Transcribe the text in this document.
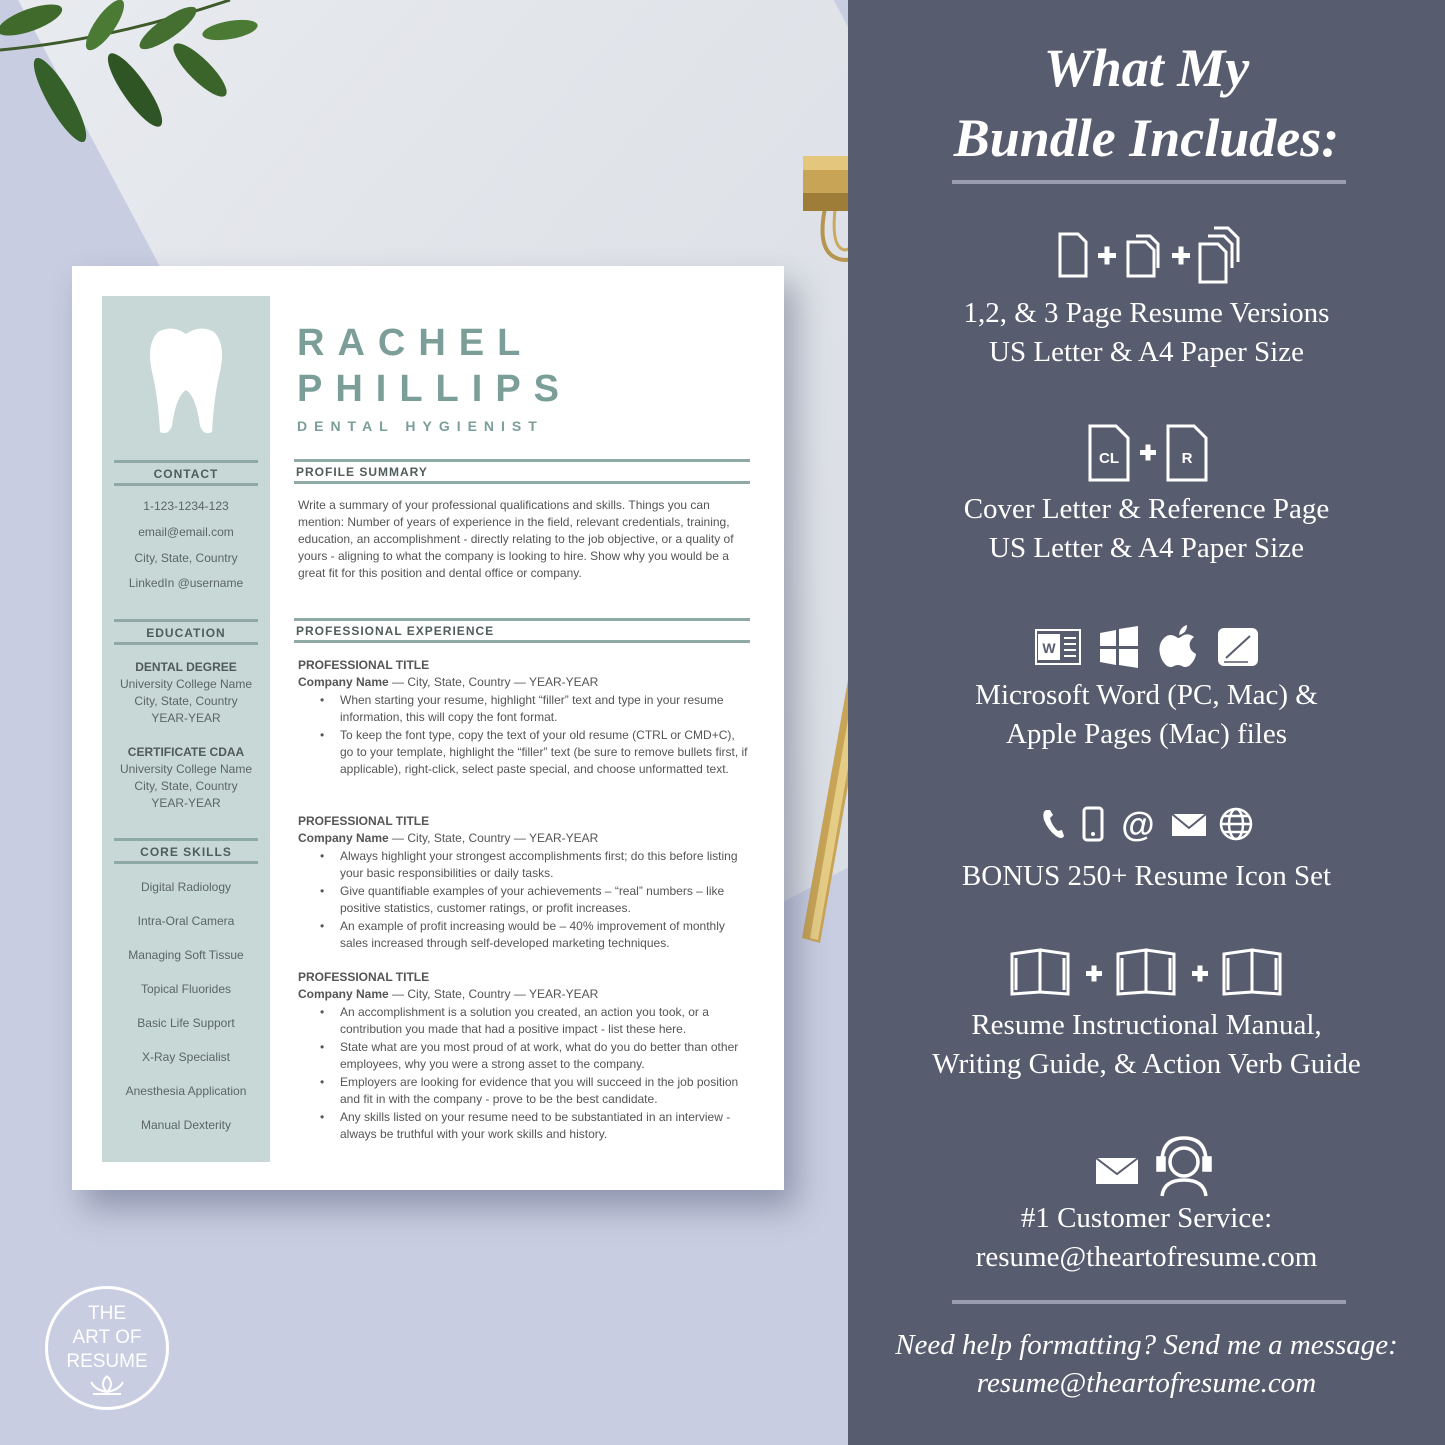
THE
ART OF
RESUME
CONTACT
1-123-1234-123
email@email.com
City, State, Country
LinkedIn @username
EDUCATION
DENTAL DEGREE
University College Name
City, State, Country
YEAR-YEAR
CERTIFICATE CDAA
University College Name
City, State, Country
YEAR-YEAR
CORE SKILLS
Digital Radiology
Intra-Oral Camera
Managing Soft Tissue
Topical Fluorides
Basic Life Support
X-Ray Specialist
Anesthesia Application
Manual Dexterity
RACHEL
PHILLIPS
DENTAL HYGIENIST
PROFILE SUMMARY
Write a summary of your professional qualifications and skills. Things you can mention: Number of years of experience in the field, relevant credentials, training, education, an accomplishment - directly relating to the job objective, or a quality of yours - aligning to what the company is looking to hire. Show why you would be a great fit for this position and dental office or company.
PROFESSIONAL EXPERIENCE
PROFESSIONAL TITLE
Company Name — City, State, Country — YEAR-YEAR
• When starting your resume, highlight “filler” text and type in your resume information, this will copy the font format.
• To keep the font type, copy the text of your old resume (CTRL or CMD+C), go to your template, highlight the “filler” text (be sure to remove bullets first, if applicable), right-click, select paste special, and choose unformatted text.
PROFESSIONAL TITLE
Company Name — City, State, Country — YEAR-YEAR
• Always highlight your strongest accomplishments first; do this before listing your basic responsibilities or daily tasks.
• Give quantifiable examples of your achievements – “real” numbers – like positive statistics, customer ratings, or profit increases.
• An example of profit increasing would be – 40% improvement of monthly sales increased through self-developed marketing techniques.
PROFESSIONAL TITLE
Company Name — City, State, Country — YEAR-YEAR
• An accomplishment is a solution you created, an action you took, or a contribution you made that had a positive impact - list these here.
• State what are you most proud of at work, what do you do better than other employees, why you were a strong asset to the company.
• Employers are looking for evidence that you will succeed in the job position and fit in with the company - prove to be the best candidate.
• Any skills listed on your resume need to be substantiated in an interview - always be truthful with your work skills and history.
What My
Bundle Includes:
1,2, & 3 Page Resume Versions
US Letter & A4 Paper Size
CL	R
Cover Letter & Reference Page
US Letter & A4 Paper Size
W
Microsoft Word (PC, Mac) &
Apple Pages (Mac) files
@
BONUS 250+ Resume Icon Set
Resume Instructional Manual,
Writing Guide, & Action Verb Guide
#1 Customer Service:
resume@theartofresume.com
Need help formatting? Send me a message:
resume@theartofresume.com
